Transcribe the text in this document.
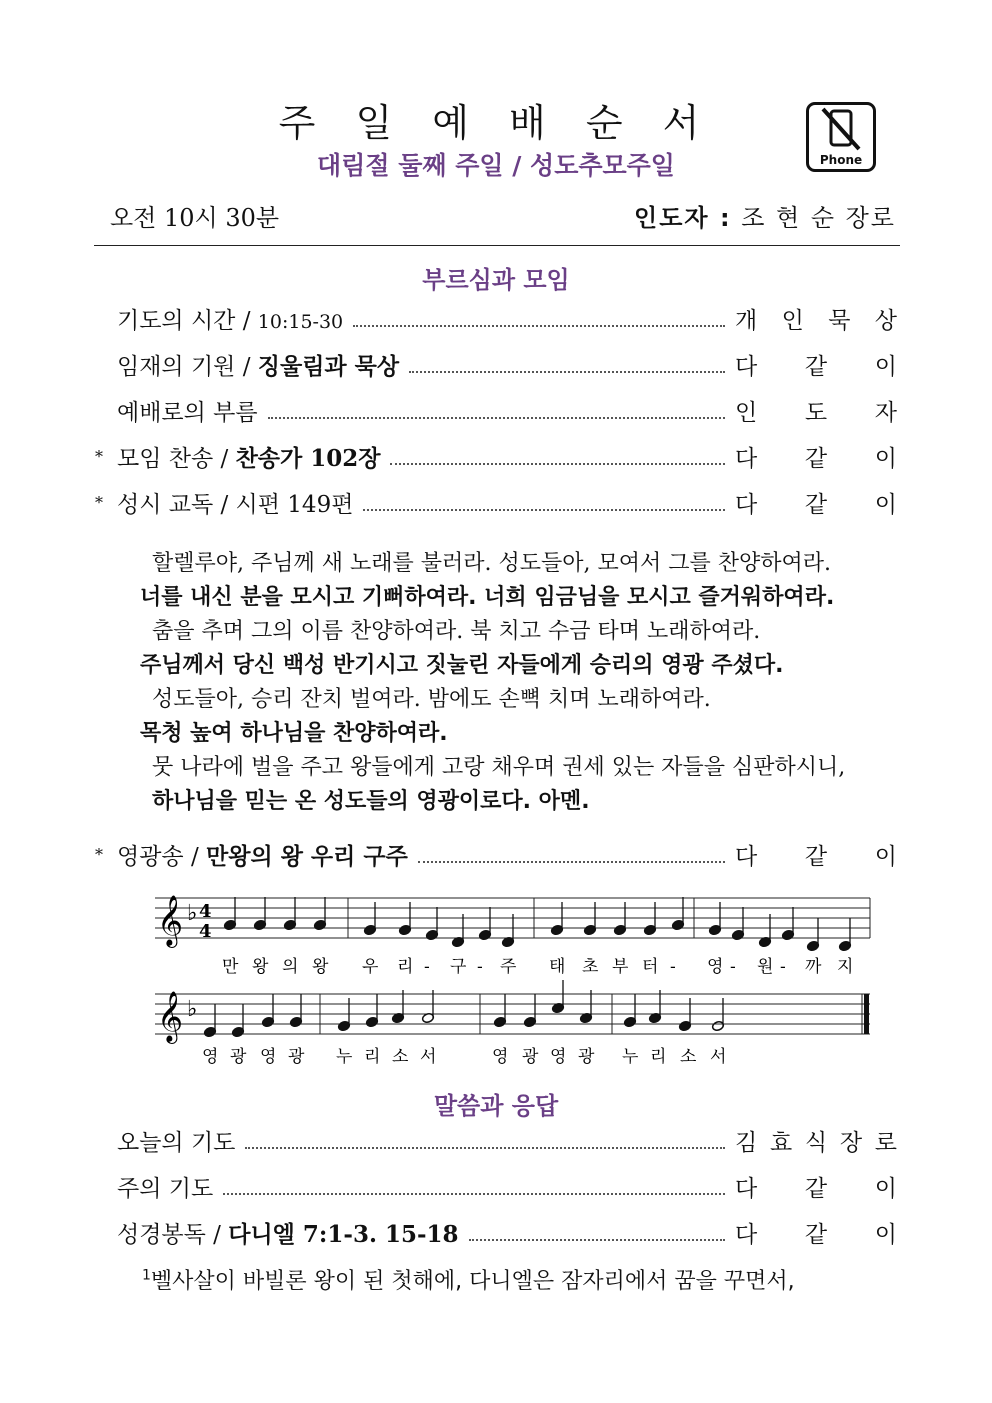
주 일 예 배 순 서
대림절 둘째 주일 / 성도추모주일	Phone
오전 10시 30분	인도자 : 조 현 순 장로
부르심과 모임
기도의 시간 / 10:15-30	개 인 묵 상
임재의 기원 / 징울림과 묵상	다 같 이
예배로의 부름	인 도 자
* 모임 찬송 / 찬송가 102장	다 같 이
* 성시 교독 / 시편 149편	다 같 이
할렐루야, 주님께 새 노래를 불러라. 성도들아, 모여서 그를 찬양하여라.
너를 내신 분을 모시고 기뻐하여라. 너희 임금님을 모시고 즐거워하여라.
춤을 추며 그의 이름 찬양하여라. 북 치고 수금 타며 노래하여라.
주님께서 당신 백성 반기시고 짓눌린 자들에게 승리의 영광 주셨다.
성도들아, 승리 잔치 벌여라. 밤에도 손뼉 치며 노래하여라.
목청 높여 하나님을 찬양하여라.
뭇 나라에 벌을 주고 왕들에게 고랑 채우며 권세 있는 자들을 심판하시니,
하나님을 믿는 온 성도들의 영광이로다. 아멘.
* 영광송 / 만왕의 왕 우리 구주	다 같 이
𝄞 ♭ 4
4
만 왕 의 왕 우 리 - 구 - 주 태 초 부 터 - 영 - 원 - 까 지
𝄞 ♭
영 광 영 광 누 리 소 서	영 광 영 광 누 리 소 서
말씀과 응답
오늘의 기도	김 효 식 장 로
주의 기도	다 같 이
성경봉독 / 다니엘 7:1-3. 15-18	다 같 이
$^1$벨사살이 바빌론 왕이 된 첫해에, 다니엘은 잠자리에서 꿈을 꾸면서,
